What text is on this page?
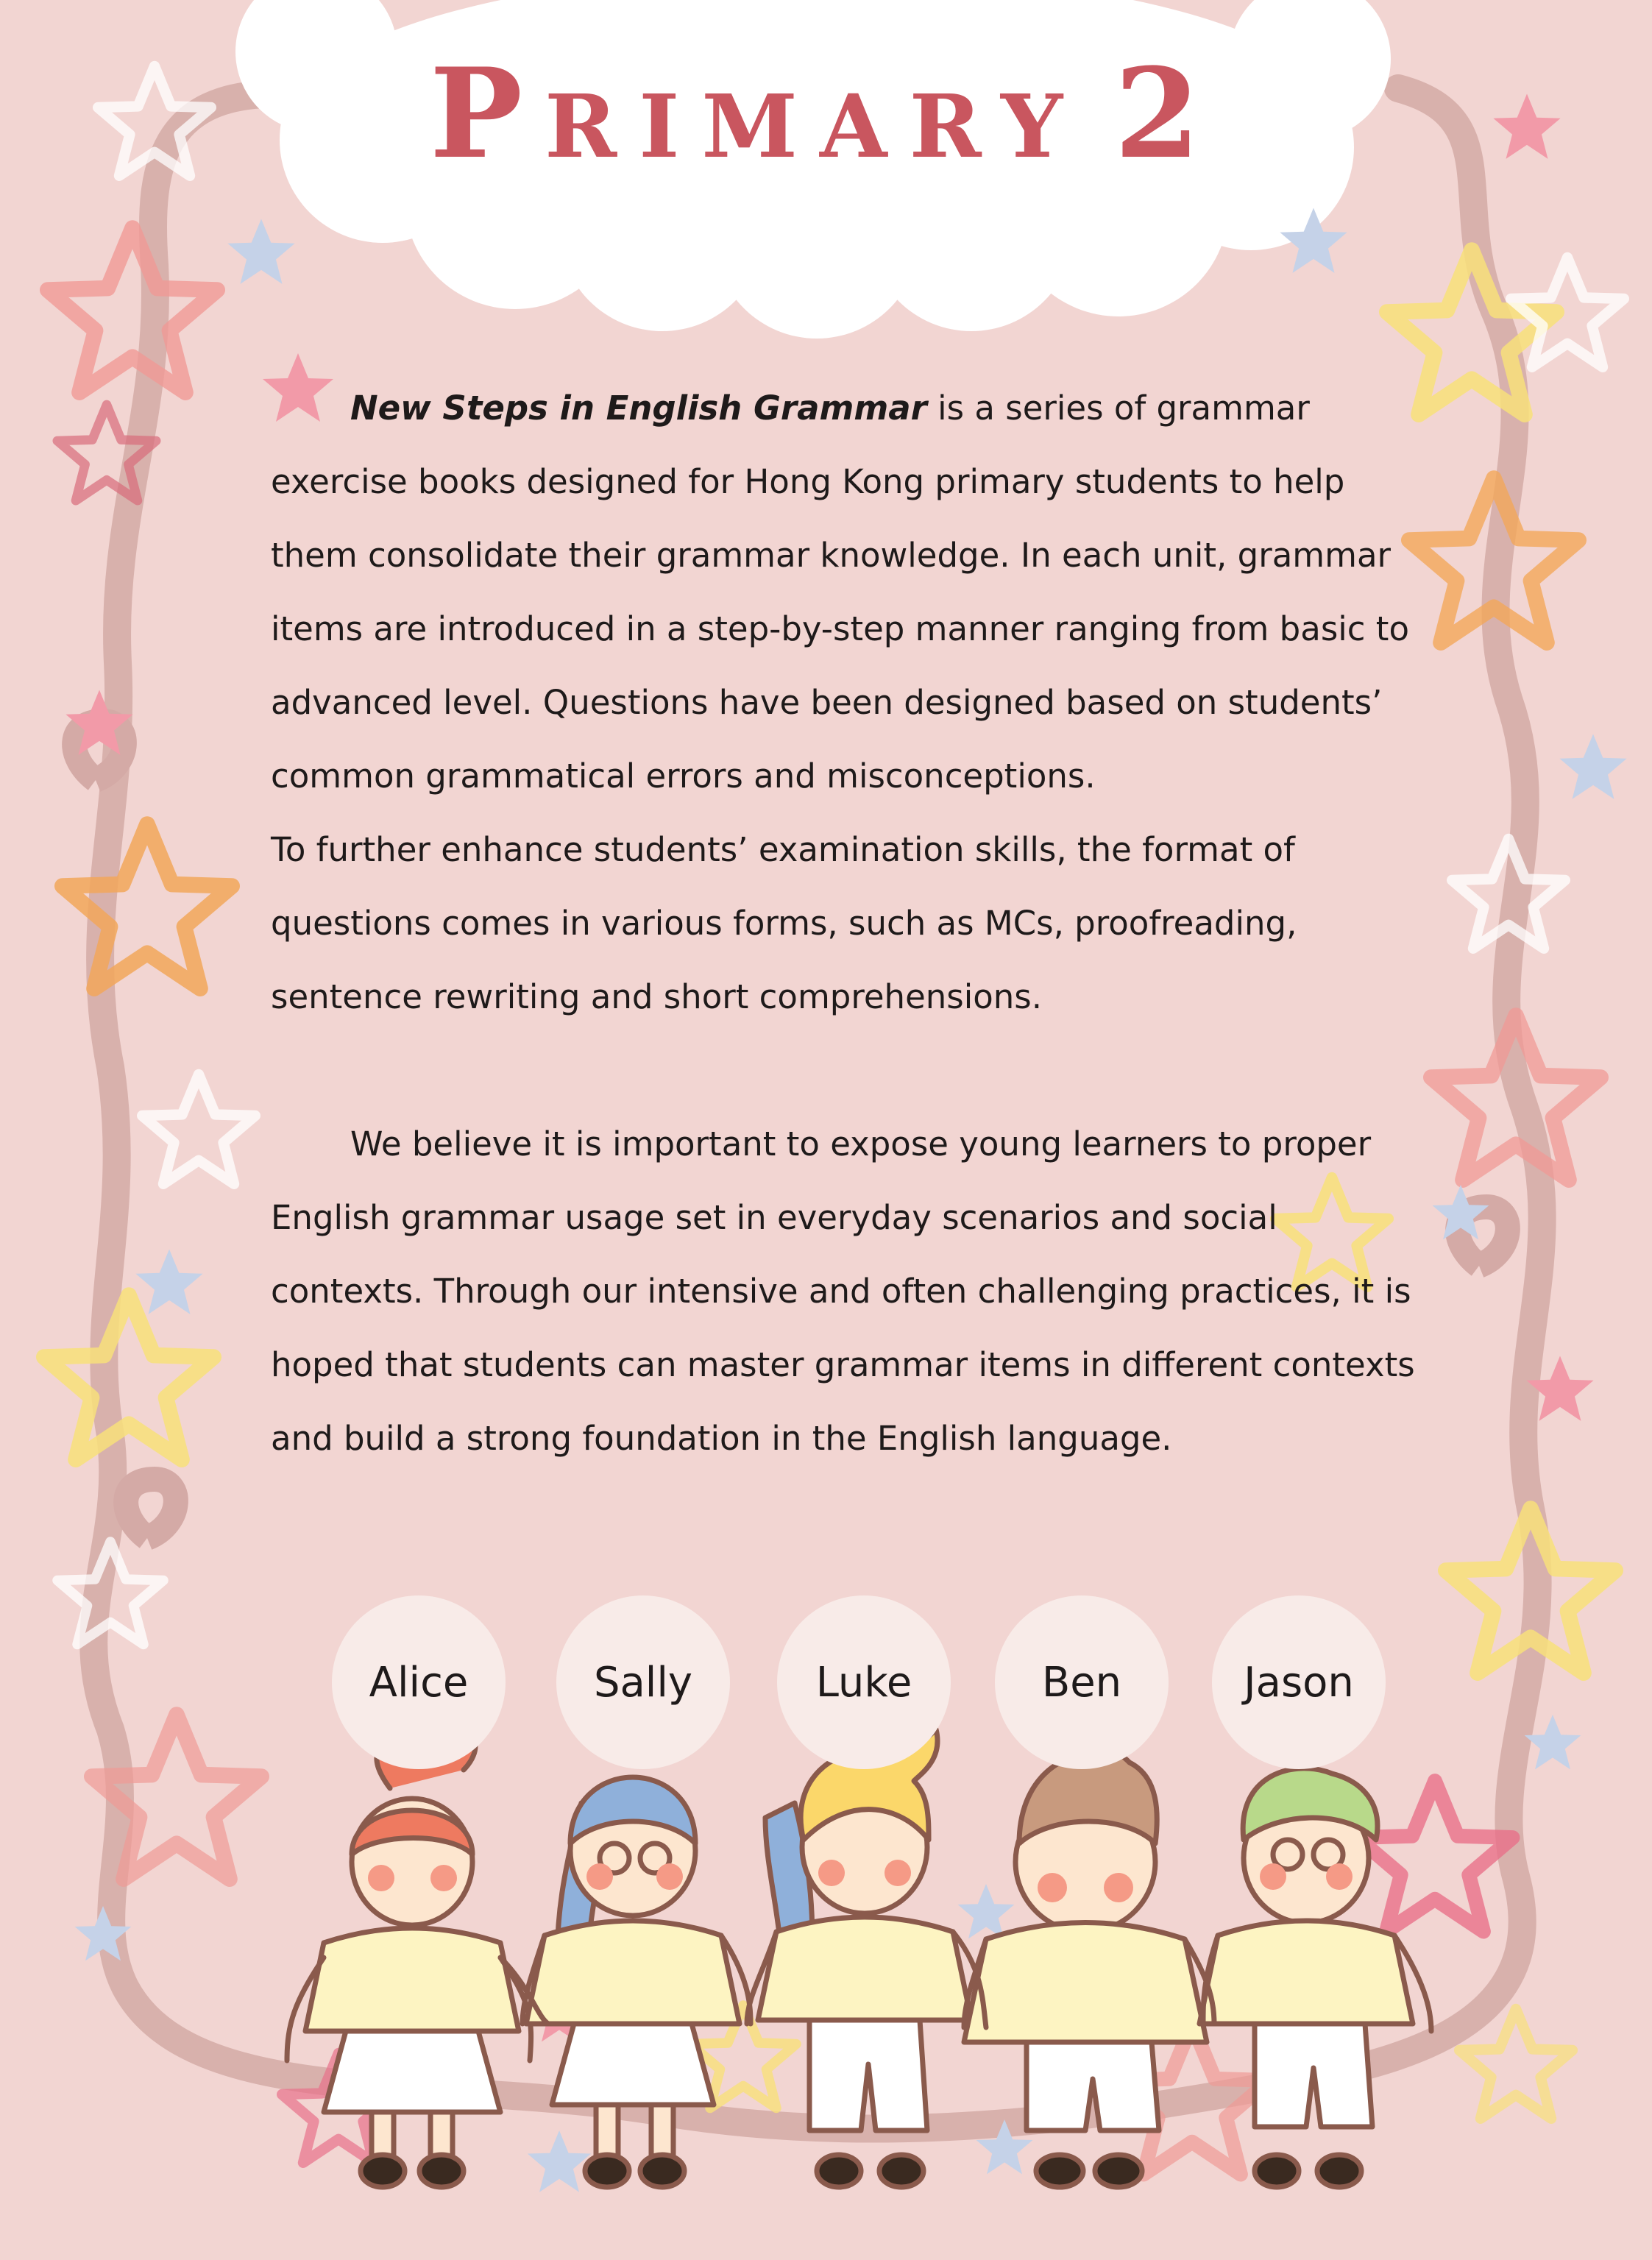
Primary 2

New Steps in English Grammar is a series of grammar exercise books designed for Hong Kong primary students to help them consolidate their grammar knowledge. In each unit, grammar items are introduced in a step-by-step manner ranging from basic to advanced level. Questions have been designed based on students’ common grammatical errors and misconceptions.

To further enhance students’ examination skills, the format of questions comes in various forms, such as MCs, proofreading, sentence rewriting and short comprehensions.

We believe it is important to expose young learners to proper English grammar usage set in everyday scenarios and social contexts. Through our intensive and often challenging practices, it is hoped that students can master grammar items in different contexts and build a strong foundation in the English language.

Alice	Sally	Luke	Ben	Jason
